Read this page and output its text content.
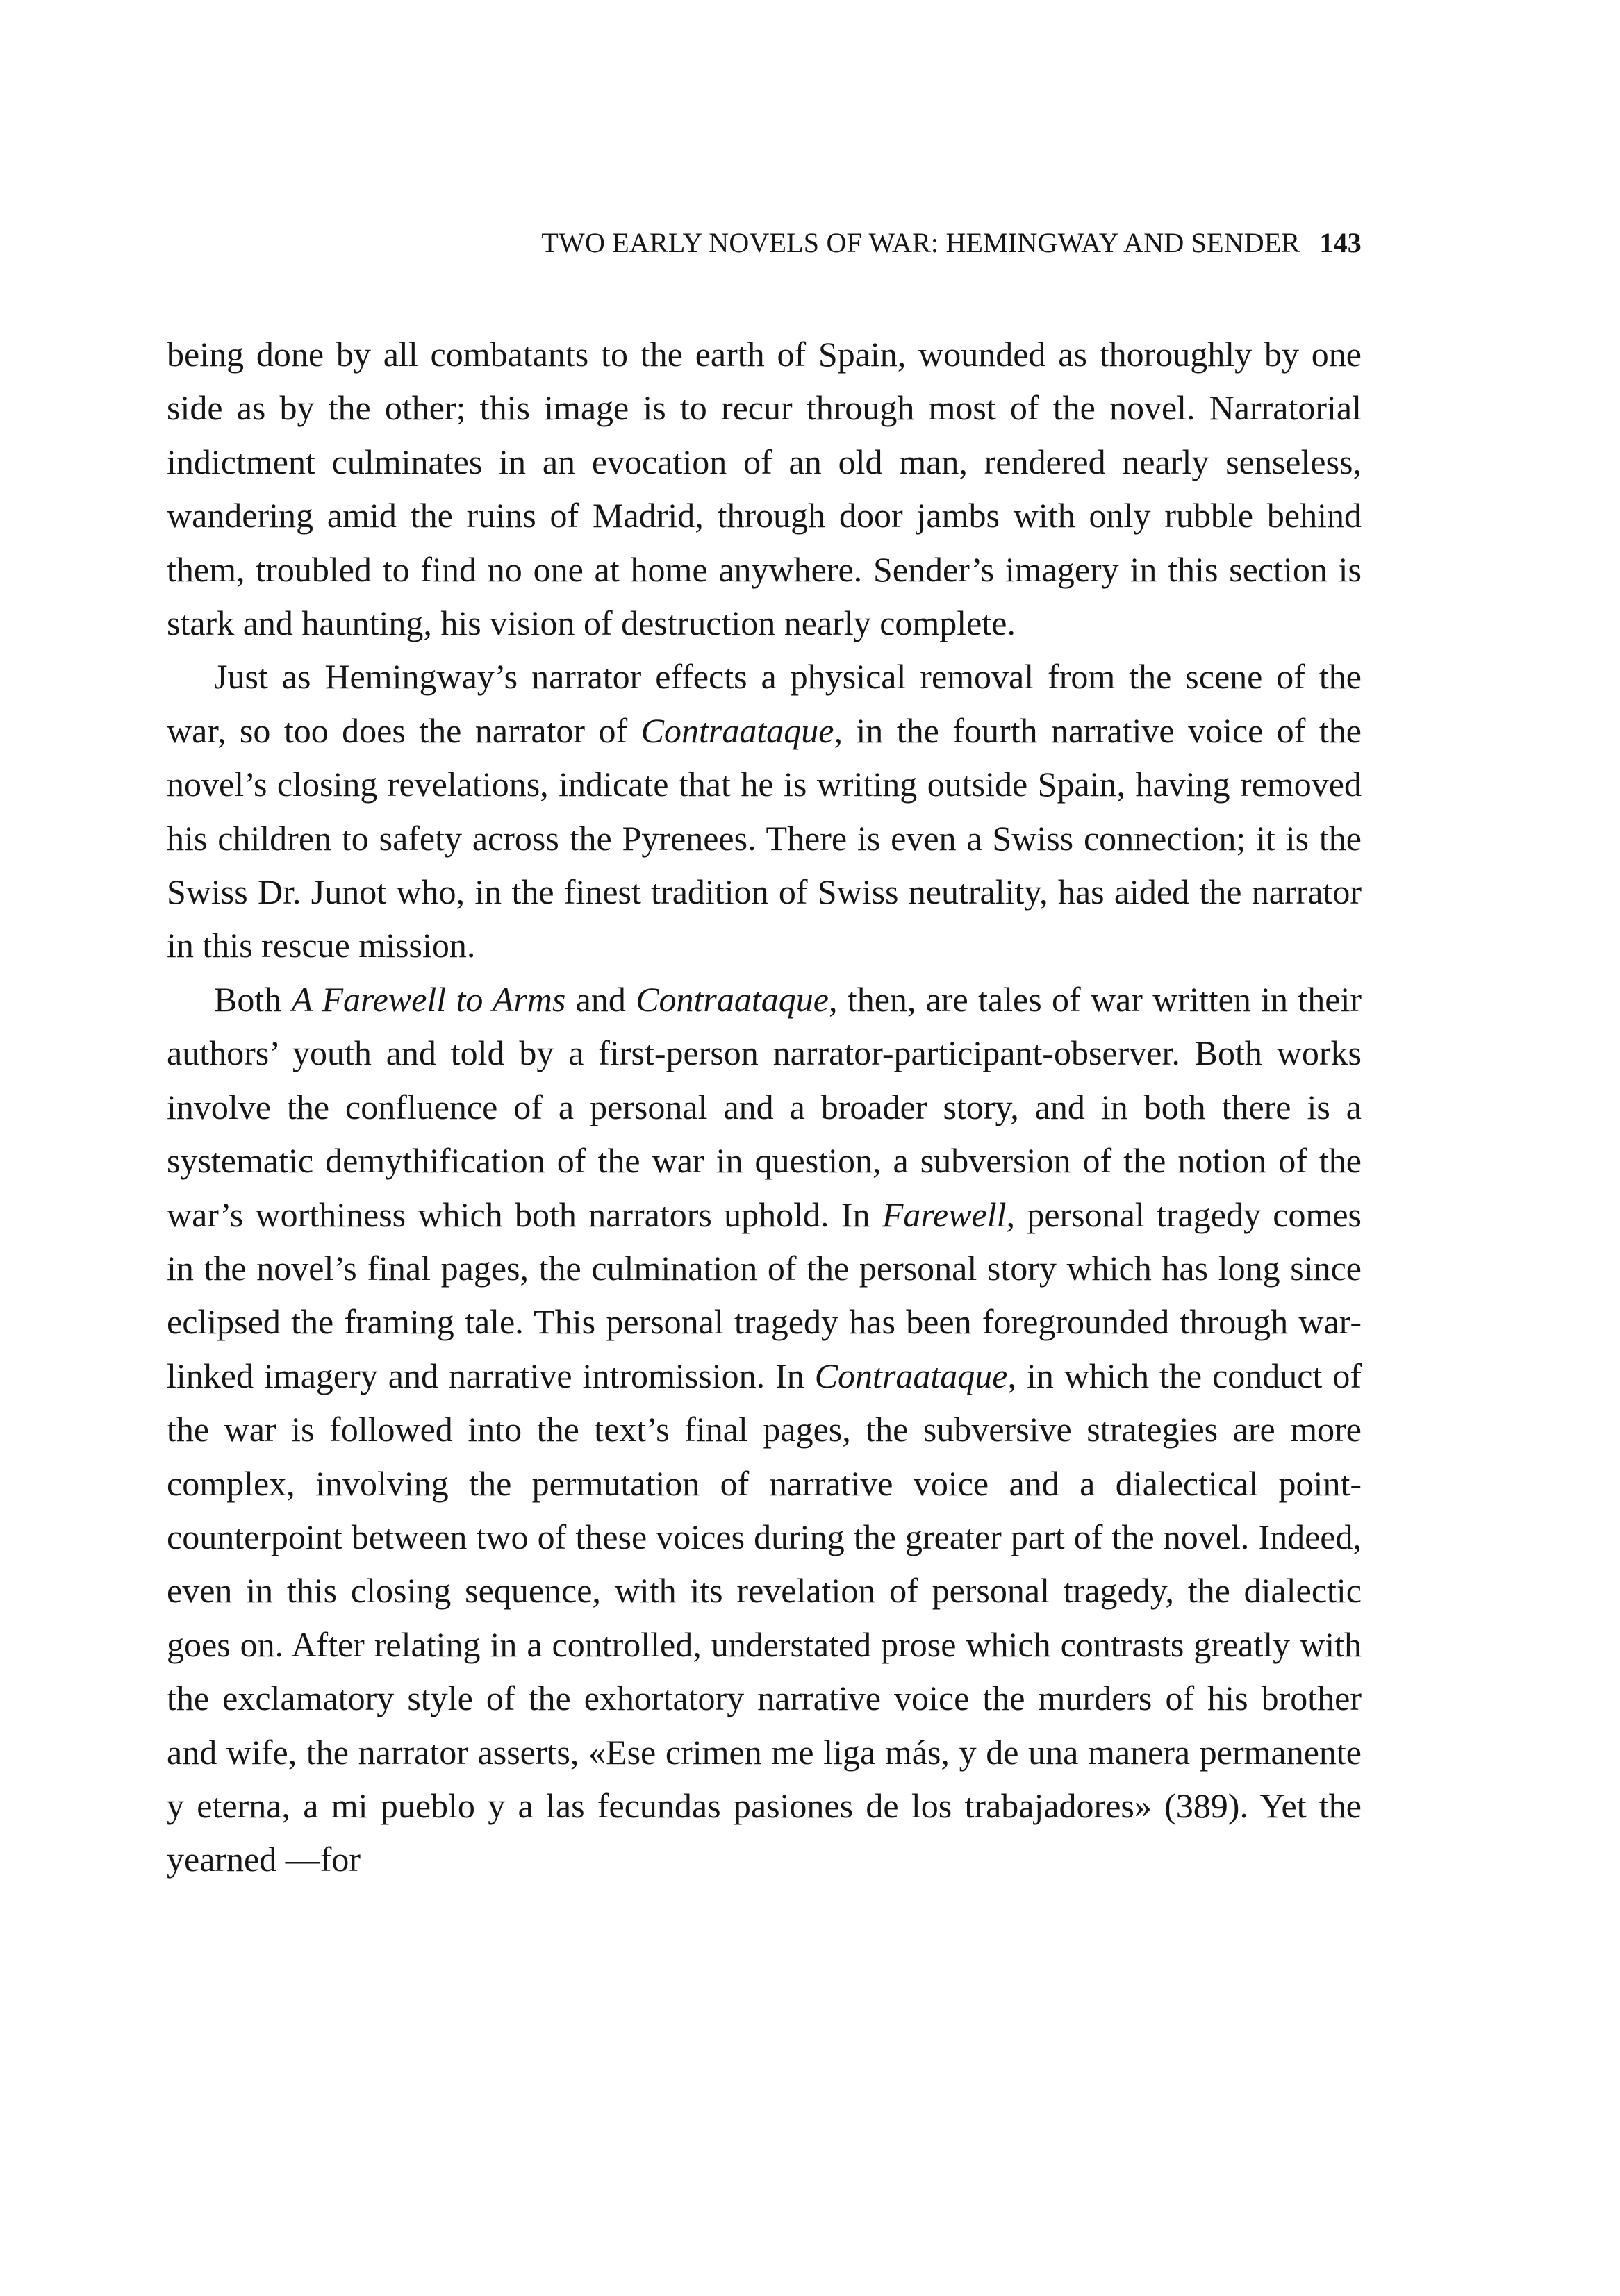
TWO EARLY NOVELS OF WAR: HEMINGWAY AND SENDER 143

being done by all combatants to the earth of Spain, wounded as thoroughly by one side as by the other; this image is to recur through most of the novel. Narratorial indictment culminates in an evocation of an old man, rendered nearly senseless, wandering amid the ruins of Madrid, through door jambs with only rubble behind them, troubled to find no one at home anywhere. Sender’s imagery in this section is stark and haunting, his vision of destruction nearly complete.

Just as Hemingway’s narrator effects a physical removal from the scene of the war, so too does the narrator of Contraataque, in the fourth narrative voice of the novel’s closing revelations, indicate that he is writing outside Spain, having removed his children to safety across the Pyrenees. There is even a Swiss connection; it is the Swiss Dr. Junot who, in the finest tradition of Swiss neutrality, has aided the narrator in this rescue mission.

Both A Farewell to Arms and Contraataque, then, are tales of war written in their authors’ youth and told by a first-person narrator-participant-observer. Both works involve the confluence of a personal and a broader story, and in both there is a systematic demythification of the war in question, a subversion of the notion of the war’s worthiness which both narrators uphold. In Farewell, personal tragedy comes in the novel’s final pages, the culmination of the personal story which has long since eclipsed the framing tale. This personal tragedy has been foregrounded through war-linked imagery and narrative intromission. In Contraataque, in which the conduct of the war is followed into the text’s final pages, the subversive strategies are more complex, involving the permutation of narrative voice and a dialectical point-counterpoint between two of these voices during the greater part of the novel. Indeed, even in this closing sequence, with its revelation of personal tragedy, the dialectic goes on. After relating in a controlled, understated prose which contrasts greatly with the exclamatory style of the exhortatory narrative voice the murders of his brother and wife, the narrator asserts, «Ese crimen me liga más, y de una manera permanente y eterna, a mi pueblo y a las fecundas pasiones de los trabajadores» (389). Yet the yearned —for
